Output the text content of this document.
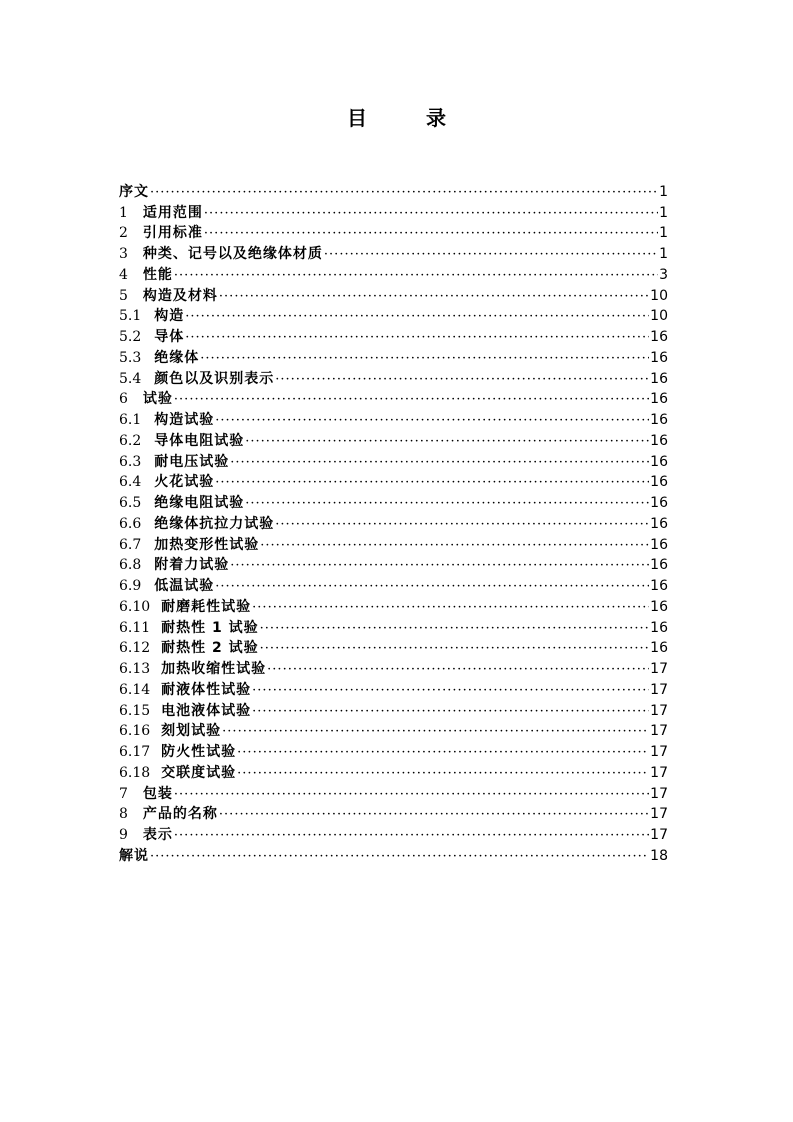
目 录
序文 ·····	1
1 适用范围 ·····	1
2 引用标准 ·····	1
3 种类、记号以及绝缘体材质 ·····	1
4 性能 ·····	3
5 构造及材料 ·····	10
5.1 构造 ·····	10
5.2 导体 ·····	16
5.3 绝缘体 ·····	16
5.4 颜色以及识别表示 ·····	16
6 试验 ·····	16
6.1 构造试验 ·····	16
6.2 导体电阻试验 ·····	16
6.3 耐电压试验 ·····	16
6.4 火花试验 ·····	16
6.5 绝缘电阻试验 ·····	16
6.6 绝缘体抗拉力试验 ·····	16
6.7 加热变形性试验 ·····	16
6.8 附着力试验 ·····	16
6.9 低温试验 ·····	16
6.10 耐磨耗性试验 ·····	16
6.11 耐热性 1 试验 ·····	16
6.12 耐热性 2 试验 ·····	16
6.13 加热收缩性试验 ·····	17
6.14 耐液体性试验 ·····	17
6.15 电池液体试验 ·····	17
6.16 刻划试验 ·····	17
6.17 防火性试验 ·····	17
6.18 交联度试验 ·····	17
7 包装 ·····	17
8 产品的名称 ·····	17
9 表示 ·····	17
解说 ·····	18
